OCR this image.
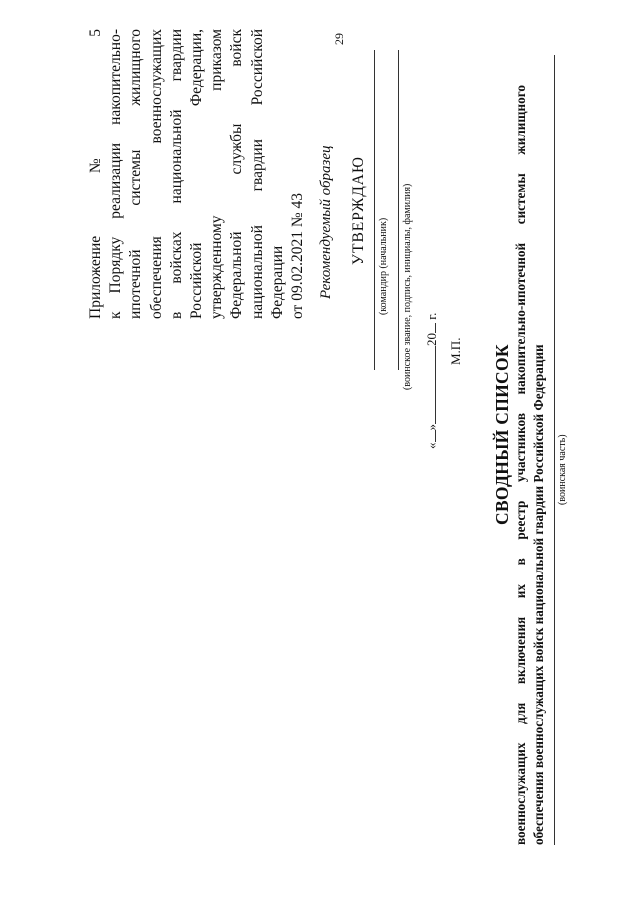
29
Приложение № 5 к Порядку реализации накопительно- ипотечной системы жилищного обеспечения военнослужащих в войсках национальной гвардии Российской Федерации, утвержденному приказом Федеральной службы войск национальной гвардии Российской Федерации от 09.02.2021 № 43 Рекомендуемый образец УТВЕРЖДАЮ
(командир (начальник) (воинское звание, подпись, инициалы, фамилия)
«»20 г.
М.П. СВОДНЫЙ СПИСОК военнослужащих для включения их в реестр участников накопительно-ипотечной системы жилищного обеспечения военнослужащих войск национальной гвардии Российской Федерации (воинская часть)
